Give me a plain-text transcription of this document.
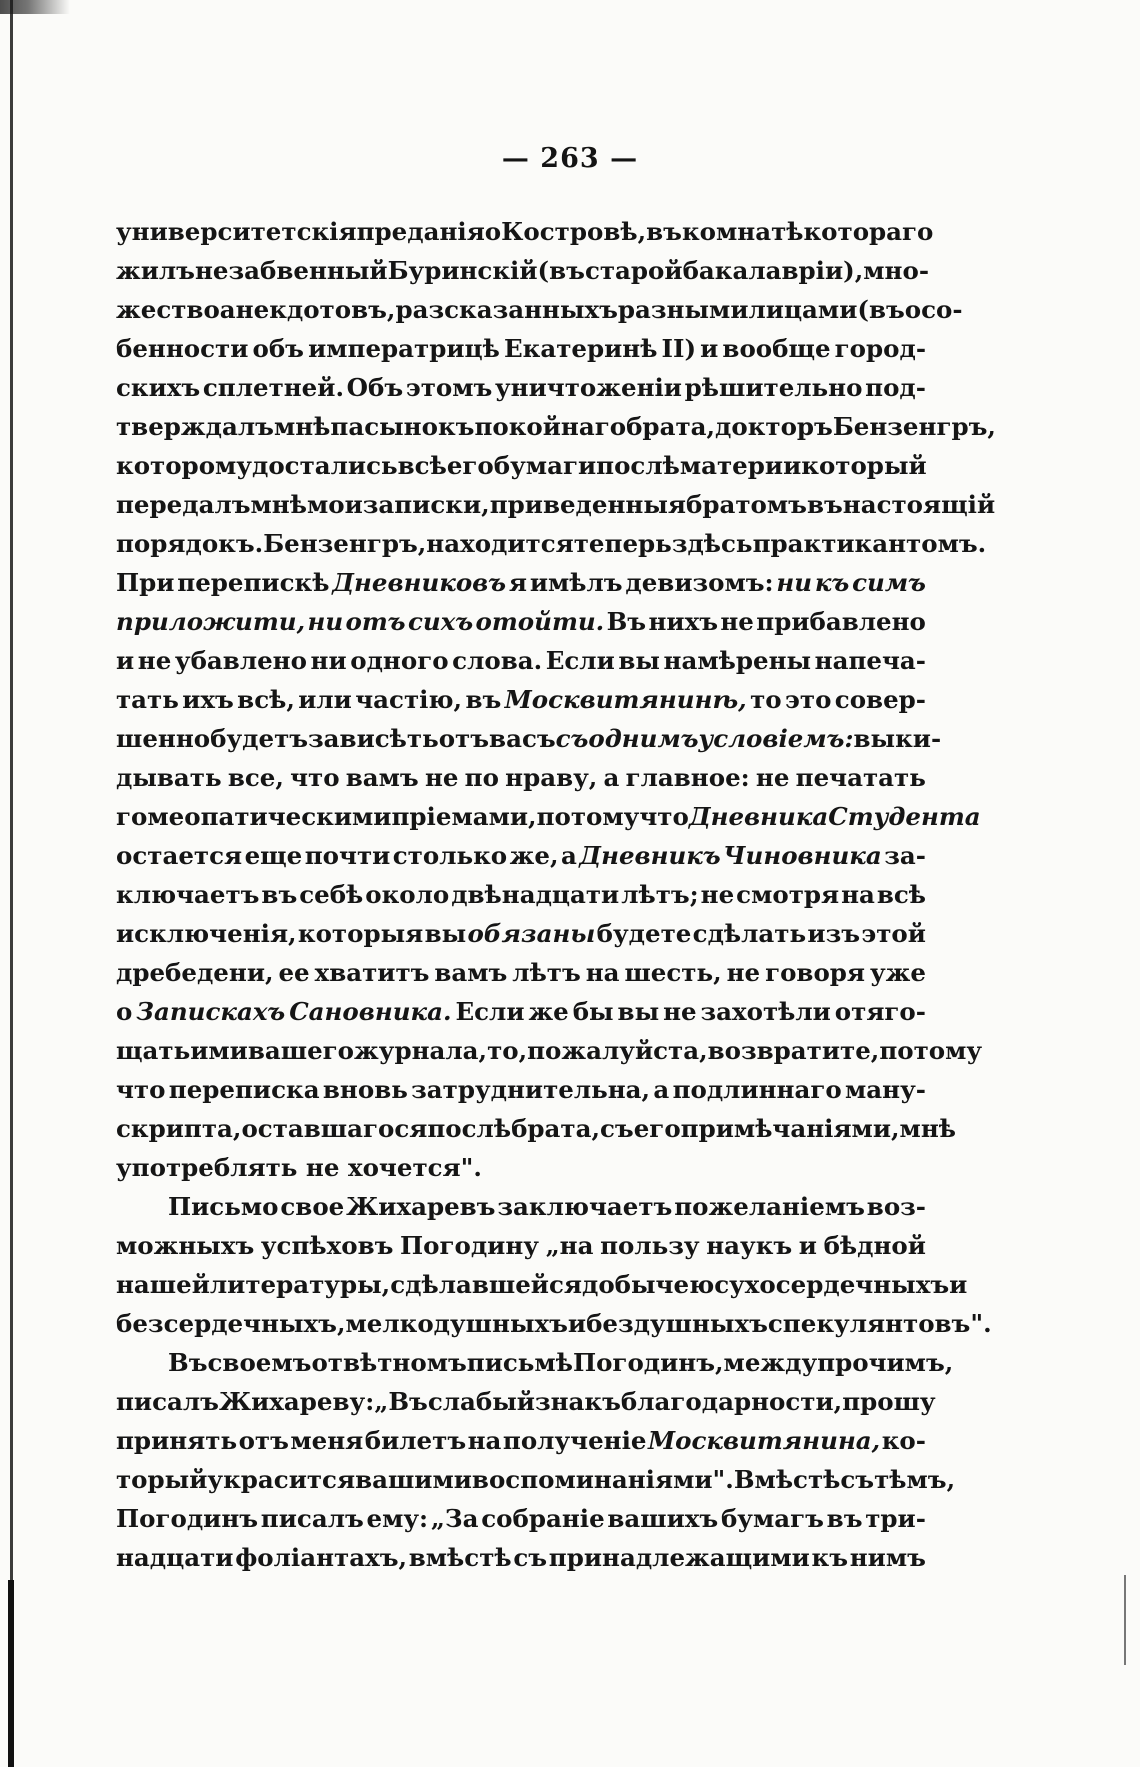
— 263 —
университетскія преданія о Костровѣ, въ комнатѣ котораго
жилъ незабвенный Буринскій (въ старой бакалавріи), мно-
жество анекдотовъ, разсказанныхъ разными лицами (въ осо-
бенности объ императрицѣ Екатеринѣ II) и вообще город-
скихъ сплетней. Объ этомъ уничтоженіи рѣшительно под-
тверждалъ мнѣ пасынокъ покойнаго брата, докторъ Бензенгръ,
которому достались всѣ его бумаги послѣ матери и который
передалъ мнѣ мои записки, приведенныя братомъ въ настоящій
порядокъ. Бензенгръ, находится теперь здѣсь практикантомъ.
При перепискѣ Дневниковъ я имѣлъ девизомъ: ни къ симъ
приложити, ни отъ сихъ отойти. Въ нихъ не прибавлено
и не убавлено ни одного слова. Если вы намѣрены напеча-
тать ихъ всѣ, или частію, въ Москвитянинѣ, то это совер-
шенно будетъ зависѣть отъ васъ съ однимъ условіемъ: выки-
дывать все, что вамъ не по нраву, а главное: не печатать
гомеопатическими пріемами, потому что Дневника Студента
остается еще почти столько же, а Дневникъ Чиновника за-
ключаетъ въ себѣ около двѣнадцати лѣтъ; не смотря на всѣ
исключенія, которыя вы обязаны будете сдѣлать изъ этой
дребедени, ее хватитъ вамъ лѣтъ на шесть, не говоря уже
о Запискахъ Сановника. Если же бы вы не захотѣли отяго-
щать ими вашего журнала, то, пожалуйста, возвратите, потому
что переписка вновь затруднительна, а подлиннаго ману-
скрипта, оставшагося послѣ брата, съ его примѣчаніями, мнѣ
употреблять не хочется".
Письмо свое Жихаревъ заключаетъ пожеланіемъ воз-
можныхъ успѣховъ Погодину „на пользу наукъ и бѣдной
нашей литературы, сдѣлавшейся добычею сухосердечныхъ и
безсердечныхъ, мелкодушныхъ и бездушныхъ спекулянтовъ".
Въ своемъ отвѣтномъ письмѣ Погодинъ, между прочимъ,
писалъ Жихареву: „Въ слабый знакъ благодарности, прошу
принять отъ меня билетъ на полученіе Москвитянина, ко-
торый украсится вашими воспоминаніями". Вмѣстѣ съ тѣмъ,
Погодинъ писалъ ему: „За собраніе вашихъ бумагъ въ три-
надцати фоліантахъ, вмѣстѣ съ принадлежащими къ нимъ
